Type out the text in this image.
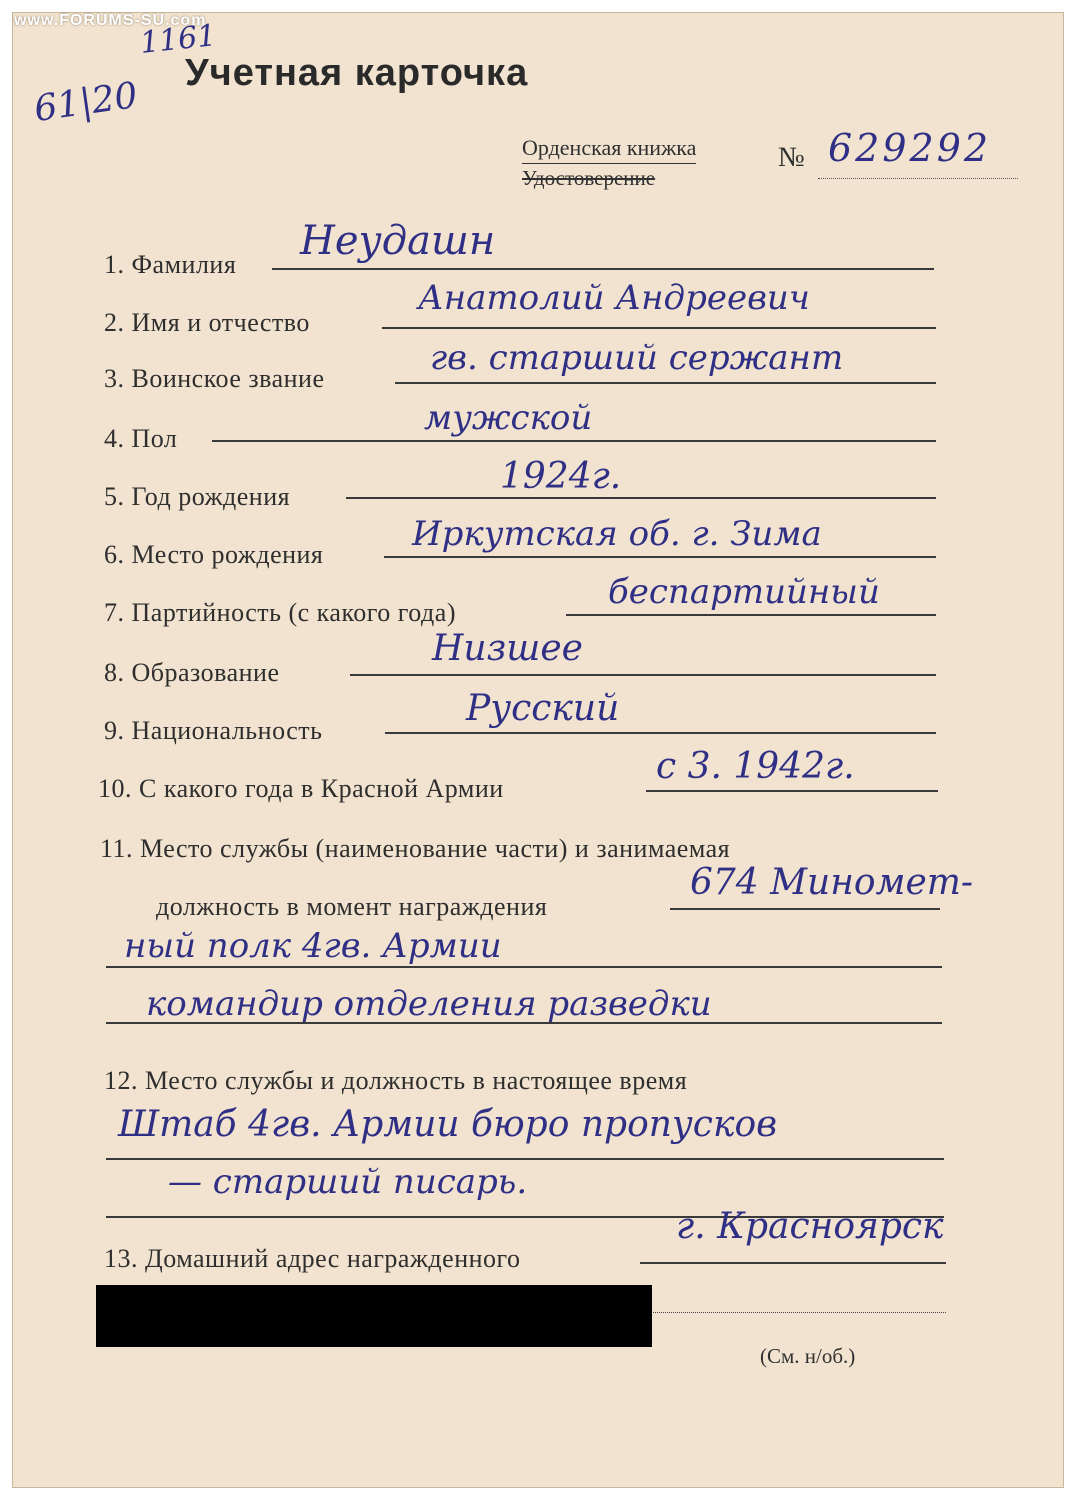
www.FORUMS-SU.com
61|20
1161
Учетная карточка
Орденская книжка
Удостоверение
№ 629292
1. Фамилия
Неудашн
2. Имя и отчество
Анатолий Андреевич
3. Воинское звание
гв. старший сержант
4. Пол
мужской
5. Год рождения	1924г.
6. Место рождения
Иркутская об. г. Зима
7. Партийность (с какого года)
беспартийный
8. Образование
Низшее
9. Национальность
Русский
10. С какого года в Красной Армии
с 3. 1942г.
11. Место службы (наименование части) и занимаемая
должность в момент награждения
674 Миномет-
ный полк 4гв. Армии
командир отделения разведки
12. Место службы и должность в настоящее время
Штаб 4гв. Армии бюро пропусков
— старший писарь.
13. Домашний адрес награжденного
г. Красноярск
(См. н/об.)
